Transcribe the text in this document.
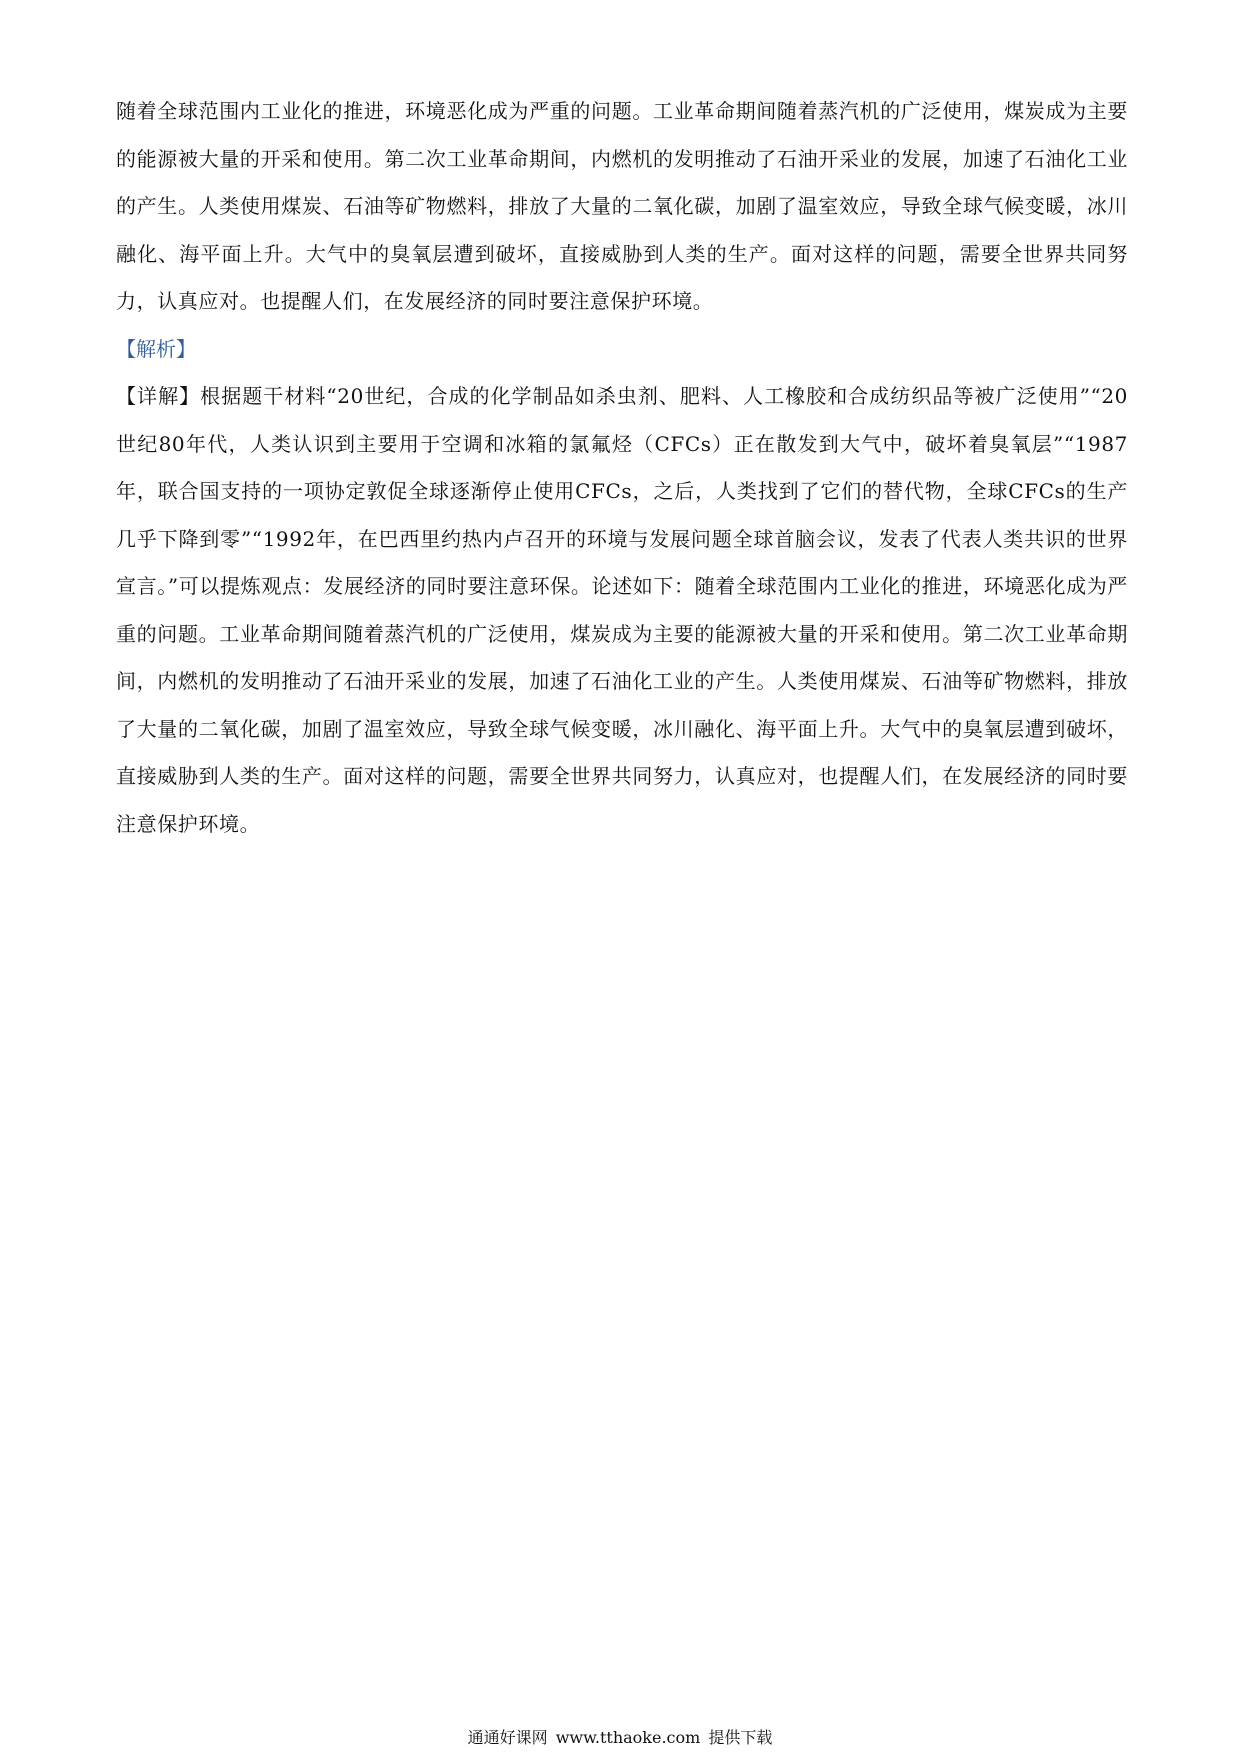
随着全球范围内工业化的推进，环境恶化成为严重的问题。工业革命期间随着蒸汽机的广泛使用，煤炭成为主要的能源被大量的开采和使用。第二次工业革命期间，内燃机的发明推动了石油开采业的发展，加速了石油化工业的产生。人类使用煤炭、石油等矿物燃料，排放了大量的二氧化碳，加剧了温室效应，导致全球气候变暖，冰川融化、海平面上升。大气中的臭氧层遭到破坏，直接威胁到人类的生产。面对这样的问题，需要全世界共同努力，认真应对。也提醒人们，在发展经济的同时要注意保护环境。

【解析】

【详解】根据题干材料“20世纪，合成的化学制品如杀虫剂、肥料、人工橡胶和合成纺织品等被广泛使用”“20世纪80年代，人类认识到主要用于空调和冰箱的氯氟烃（CFCs）正在散发到大气中，破坏着臭氧层”“1987年，联合国支持的一项协定敦促全球逐渐停止使用CFCs，之后，人类找到了它们的替代物，全球CFCs的生产几乎下降到零”“1992年，在巴西里约热内卢召开的环境与发展问题全球首脑会议，发表了代表人类共识的世界宣言。”可以提炼观点：发展经济的同时要注意环保。论述如下：随着全球范围内工业化的推进，环境恶化成为严重的问题。工业革命期间随着蒸汽机的广泛使用，煤炭成为主要的能源被大量的开采和使用。第二次工业革命期间，内燃机的发明推动了石油开采业的发展，加速了石油化工业的产生。人类使用煤炭、石油等矿物燃料，排放了大量的二氧化碳，加剧了温室效应，导致全球气候变暖，冰川融化、海平面上升。大气中的臭氧层遭到破坏，直接威胁到人类的生产。面对这样的问题，需要全世界共同努力，认真应对，也提醒人们，在发展经济的同时要注意保护环境。

通通好课网 www.tthaoke.com 提供下载
